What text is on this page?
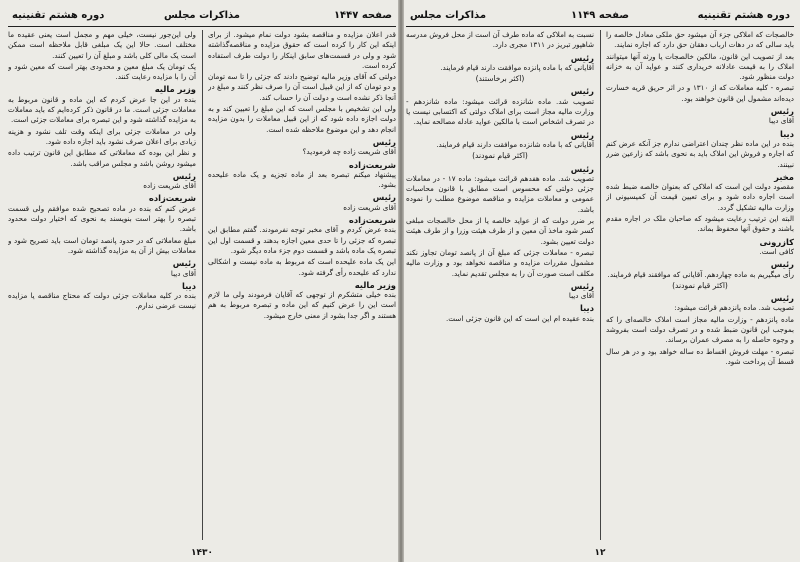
صفحه ۱۴۴۷
مذاکرات مجلس
دوره هشتم تقنینیه

قدر اعلان مزایده و مناقصه بشود دولت نمام میشود. از برای اینکه این کار را کرده است که حقوق مزایده و مناقصه‌گذاشته شود و ولی در قسمت‌های سابق اینکار را دولت طرف استفاده کرده است.

دولتی که آقای وزیر مالیه توضیح دادند که جزئی را تا سه تومان و دو تومان که از این قبیل است آن را صرف نظر کنند و مبلغ در آنجا ذکر نشده است و دولت آن را حساب کند.

ولی این تشخیص با مجلس است که این مبلغ را تعیین کند و به دولت اجازه داده شود که از این قبیل معاملات را بدون مزایده انجام دهد و این موضوع ملاحظه شده است.

رئیس

آقای شریعت زاده چه فرمودید؟

شریعت‌زاده

پیشنهاد میکنم تبصره بعد از ماده تجزیه و یک ماده علیحده بشود.

رئیس

آقای شریعت زاده

شریعت‌زاده

بنده عرض کردم و آقای مخبر توجه نفرمودند. گفتم مطابق این تبصره که جزئی را تا حدی معین اجازه بدهند و قسمت اول این تبصره یک ماده باشد و قسمت دوم جزء ماده دیگر شود.

این یک ماده علیحده است که مربوط به ماده نیست و اشکالی ندارد که علیحده رأی گرفته شود.

وزیر مالیه

بنده خیلی متشکرم از توجهی که آقایان فرمودند ولی ما لازم است این را عرض کنیم که این ماده و تبصره مربوط به هم هستند و اگر جدا بشود از معنی خارج میشود.

ولی این‌جور نیست، خیلی مهم و مجمل است یعنی عقیده ما مختلف است. حالا این یک مبلغی قابل ملاحظه است ممکن است یک مالی کلی باشد و مبلغ آن را تعیین کنند.

یک تومان یک مبلغ معین و محدودی بهتر است که معین شود و آن را با مزایده رعایت کنند.

وزیر مالیه

بنده در این جا عرض کردم که این ماده و قانون مربوط به معاملات جزئی است. ما در قانون ذکر کرده‌ایم که باید معاملات به مزایده گذاشته شود و این تبصره برای معاملات جزئی است.

ولی در معاملات جزئی برای اینکه وقت تلف نشود و هزینه زیادی برای اعلان صرف نشود باید اجازه داده شود.

و نظر این بوده که معاملاتی که مطابق این قانون ترتیب داده میشود روشن باشد و مجلس مراقب باشد.

رئیس

آقای شریعت زاده

شریعت‌زاده

عرض کنم که بنده در ماده تصحیح شده موافقم ولی قسمت تبصره را بهتر است بنویسند به نحوی که اختیار دولت محدود باشد.

مبلغ معاملاتی که در حدود پانصد تومان است باید تصریح شود و معاملات بیش از آن به مزایده گذاشته شود.

رئیس

آقای دیبا

دیبا

بنده در کلیه معاملات جزئی دولت که محتاج مناقصه یا مزایده نیست عرضی ندارم.

۱۴۳۰
دوره هشتم تقنینیه
صفحه ۱۱۴۹
مذاکرات مجلس

خالصجات که املاکی جزء آن میشود حق ملکی معادل خالصه را باید سالی که در دهات ارباب دهقان حق دارد که اجاره نمایند.

بعد از تصویب این قانون، مالکین خالصجات یا ورثه آنها میتوانند املاک را به قیمت عادلانه خریداری کنند و عواید آن به خزانه دولت منظور شود.

تبصره - کلیه معاملات که از ۱۳۱۰ و در اثر حریق قریه خسارت دیده‌اند مشمول این قانون خواهند بود.

رئیس

آقای دیبا

دیبا

بنده در این ماده نظر چندان اعتراضی ندارم جز آنکه عرض کنم که اجاره و فروش این املاک باید به نحوی باشد که زارعین ضرر نبینند.

مخبر

مقصود دولت این است که املاکی که بعنوان خالصه ضبط شده است اجاره داده شود و برای تعیین قیمت آن کمیسیونی از وزارت مالیه تشکیل گردد.

البته این ترتیب رعایت میشود که صاحبان ملک در اجاره مقدم باشند و حقوق آنها محفوظ بماند.

کازرونی

کافی است.

رئیس

رأی میگیریم به ماده چهاردهم. آقایانی که موافقند قیام فرمایند.

(اکثر قیام نمودند)

رئیس

تصویب شد. ماده پانزدهم قرائت میشود:

ماده پانزدهم - وزارت مالیه مجاز است املاک خالصه‌ای را که بموجب این قانون ضبط شده و در تصرف دولت است بفروشد و وجوه حاصله را به مصرف عمران برساند.

تبصره - مهلت فروش اقساط ده ساله خواهد بود و در هر سال قسط آن پرداخت شود.

نسبت به املاکی که ماده طرف آن است از محل فروش مدرسه شاهپور تبریز در ۱۳۱۱ مجری دارد.

رئیس

آقایانی که با ماده پانزده موافقت دارند قیام فرمایند.

(اکثر برخاستند)

رئیس

تصویب شد. ماده شانزده قرائت میشود: ماده شانزدهم - وزارت مالیه مجاز است برای املاک دولتی که اکتسابی نیست یا در تصرف اشخاص است با مالکین عواید عادله مصالحه نماید.

رئیس

آقایانی که با ماده شانزده موافقت دارند قیام فرمایند.

(اکثر قیام نمودند)

رئیس

تصویب شد. ماده هفدهم قرائت میشود: ماده ۱۷ - در معاملات جزئی دولتی که محسوس است مطابق با قانون محاسبات عمومی و معاملات مزایده و مناقصه موضوع مطلب را نموده باشد.

بر ضرر دولت که از عواید خالصه یا از محل خالصجات مبلغی کسر شود ماخذ آن معین و از طرف هیئت وزرا و از طرف هیئت دولت تعیین بشود.

تبصره - معاملات جزئی که مبلغ آن از پانصد تومان تجاوز نکند مشمول مقررات مزایده و مناقصه نخواهد بود و وزارت مالیه مکلف است صورت آن را به مجلس تقدیم نماید.

رئیس

آقای دیبا

دیبا

بنده عقیده ام این است که این قانون جزئی است.

۱۲
